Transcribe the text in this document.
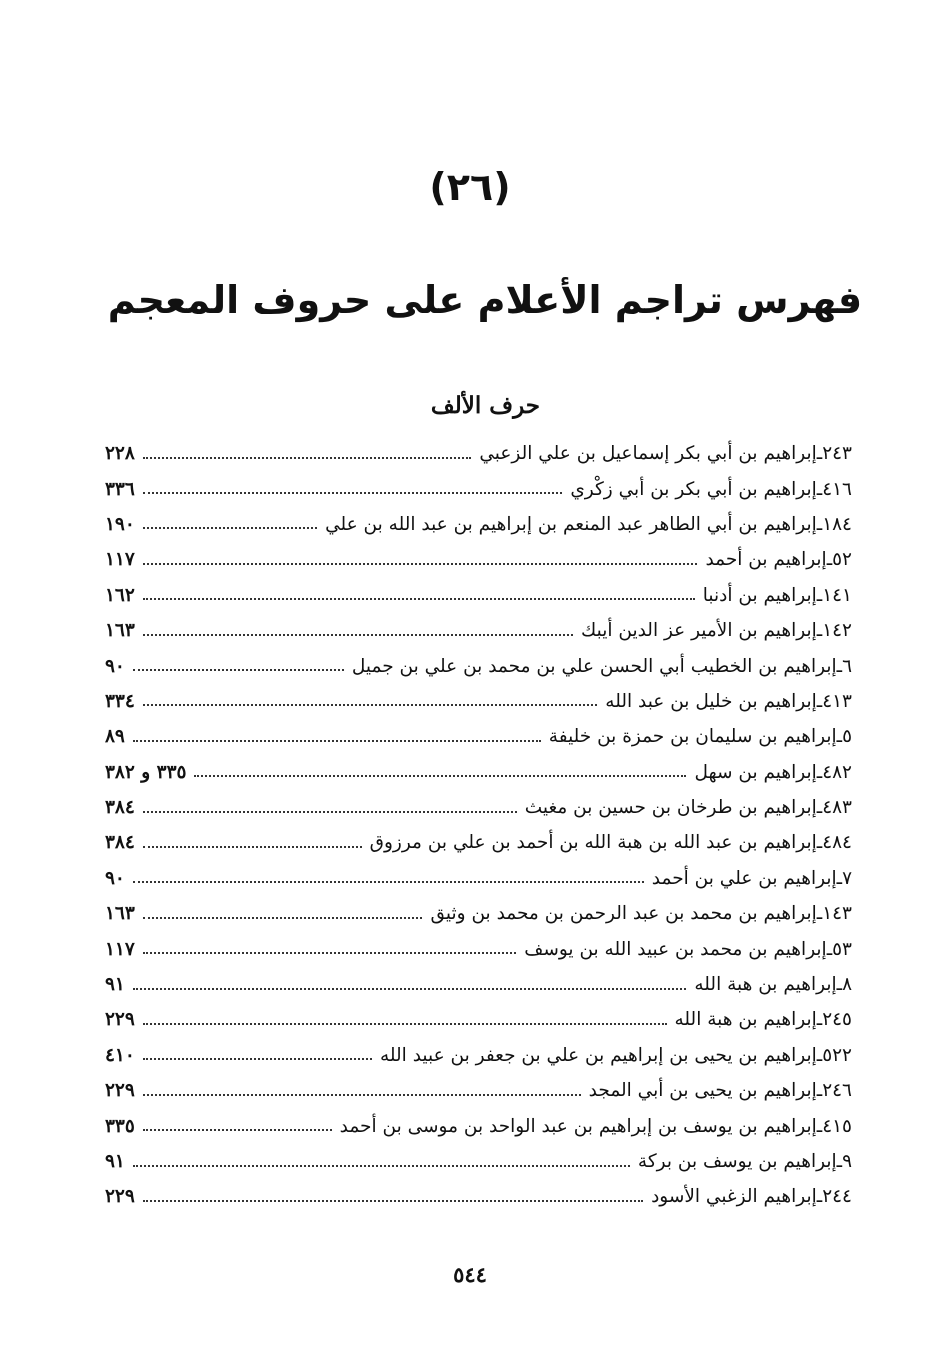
(٢٦)
فهرس تراجم الأعلام على حروف المعجم
حرف الألف
٢٤٣
ـ
إبراهيم بن أبي بكر إسماعيل بن علي الزعبي
٢٢٨
٤١٦
ـ
إبراهيم بن أبي بكر بن أبي زكْري
٣٣٦
١٨٤
ـ
إبراهيم بن أبي الطاهر عبد المنعم بن إبراهيم بن عبد الله بن علي
١٩٠
٥٢
ـ
إبراهيم بن أحمد
١١٧
١٤١
ـ
إبراهيم بن أدنبا
١٦٢
١٤٢
ـ
إبراهيم بن الأمير عز الدين أيبك
١٦٣
٦
ـ
إبراهيم بن الخطيب أبي الحسن علي بن محمد بن علي بن جميل
٩٠
٤١٣
ـ
إبراهيم بن خليل بن عبد الله
٣٣٤
٥
ـ
إبراهيم بن سليمان بن حمزة بن خليفة
٨٩
٤٨٢
ـ
إبراهيم بن سهل
٣٣٥ و ٣٨٢
٤٨٣
ـ
إبراهيم بن طرخان بن حسين بن مغيث
٣٨٤
٤٨٤
ـ
إبراهيم بن عبد الله بن هبة الله بن أحمد بن علي بن مرزوق
٣٨٤
٧
ـ
إبراهيم بن علي بن أحمد
٩٠
١٤٣
ـ
إبراهيم بن محمد بن عبد الرحمن بن محمد بن وثيق
١٦٣
٥٣
ـ
إبراهيم بن محمد بن عبيد الله بن يوسف
١١٧
٨
ـ
إبراهيم بن هبة الله
٩١
٢٤٥
ـ
إبراهيم بن هبة الله
٢٢٩
٥٢٢
ـ
إبراهيم بن يحيى بن إبراهيم بن علي بن جعفر بن عبيد الله
٤١٠
٢٤٦
ـ
إبراهيم بن يحيى بن أبي المجد
٢٢٩
٤١٥
ـ
إبراهيم بن يوسف بن إبراهيم بن عبد الواحد بن موسى بن أحمد
٣٣٥
٩
ـ
إبراهيم بن يوسف بن بركة
٩١
٢٤٤
ـ
إبراهيم الزغبي الأسود
٢٢٩
٥٤٤
